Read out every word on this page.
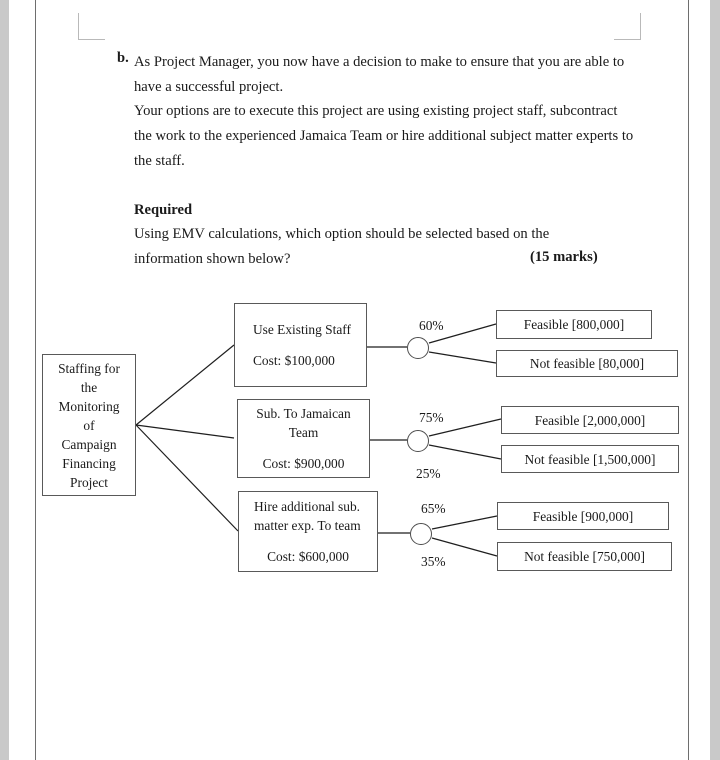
b. As Project Manager, you now have a decision to make to ensure that you are able to have a successful project.

Your options are to execute this project are using existing project staff, subcontract the work to the experienced Jamaica Team or hire additional subject matter experts to the staff.

Required

Using EMV calculations, which option should be selected based on the information shown below?	(15 marks)
Staffing for
the
Monitoring
of
Campaign
Financing
Project
Use Existing Staff
Cost: $100,000
60%	Feasible [800,000]
Not feasible [80,000]
Sub. To Jamaican
Team
Cost: $900,000
75%
25%
Feasible [2,000,000]
Not feasible [1,500,000]
Hire additional sub.
matter exp. To team
Cost: $600,000
65%
35%
Feasible [900,000]
Not feasible [750,000]
